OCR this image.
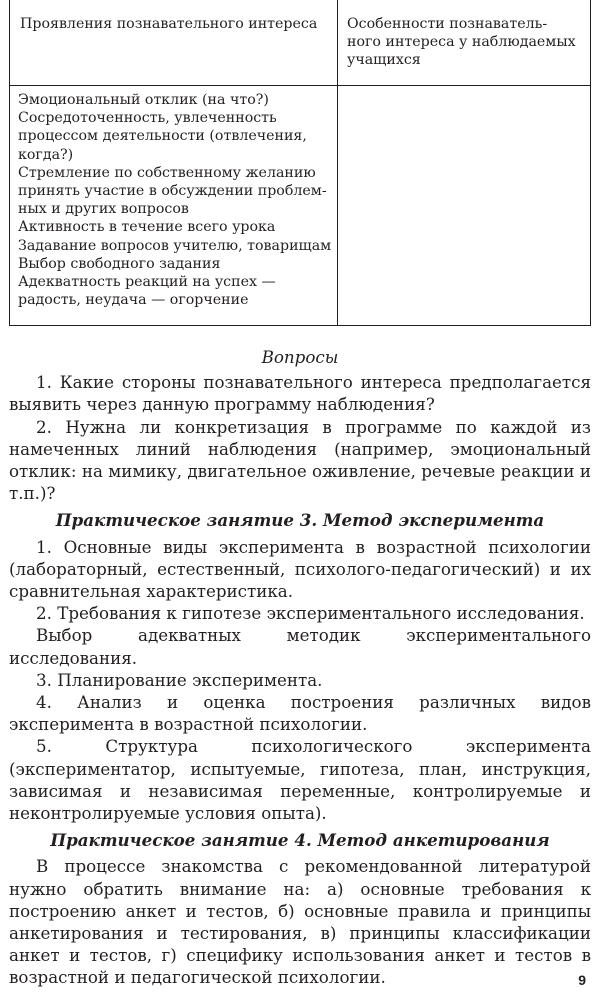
Проявления познавательного интереса	Особенности познаватель-
ного интереса у наблюдаемых
учащихся
Эмоциональный отклик (на что?)
Сосредоточенность, увлеченность
процессом деятельности (отвлечения,
когда?)
Стремление по собственному желанию
принять участие в обсуждении проблем-
ных и других вопросов
Активность в течение всего урока
Задавание вопросов учителю, товарищам
Выбор свободного задания
Адекватность реакций на успех —
радость, неудача — огорчение
Вопросы

1. Какие стороны познавательного интереса предполагается выявить через данную программу наблюдения?

2. Нужна ли конкретизация в программе по каждой из намеченных линий наблюдения (например, эмоциональный отклик: на мимику, двигательное оживление, речевые реакции и т.п.)?

Практическое занятие 3. Метод эксперимента

1. Основные виды эксперимента в возрастной психологии (лабораторный, естественный, психолого-педагогический) и их сравнительная характеристика.

2. Требования к гипотезе экспериментального исследования.

Выбор адекватных методик экспериментального исследования.

3. Планирование эксперимента.

4. Анализ и оценка построения различных видов эксперимента в возрастной психологии.

5. Структура психологического эксперимента (экспериментатор, испытуемые, гипотеза, план, инструкция, зависимая и независимая переменные, контролируемые и неконтролируемые условия опыта).

Практическое занятие 4. Метод анкетирования

В процессе знакомства с рекомендованной литературой нужно обратить внимание на: а) основные требования к построению анкет и тестов, б) основные правила и принципы анкетирования и тестирования, в) принципы классификации анкет и тестов, г) специфику использования анкет и тестов в возрастной и педагогической психологии.	9
